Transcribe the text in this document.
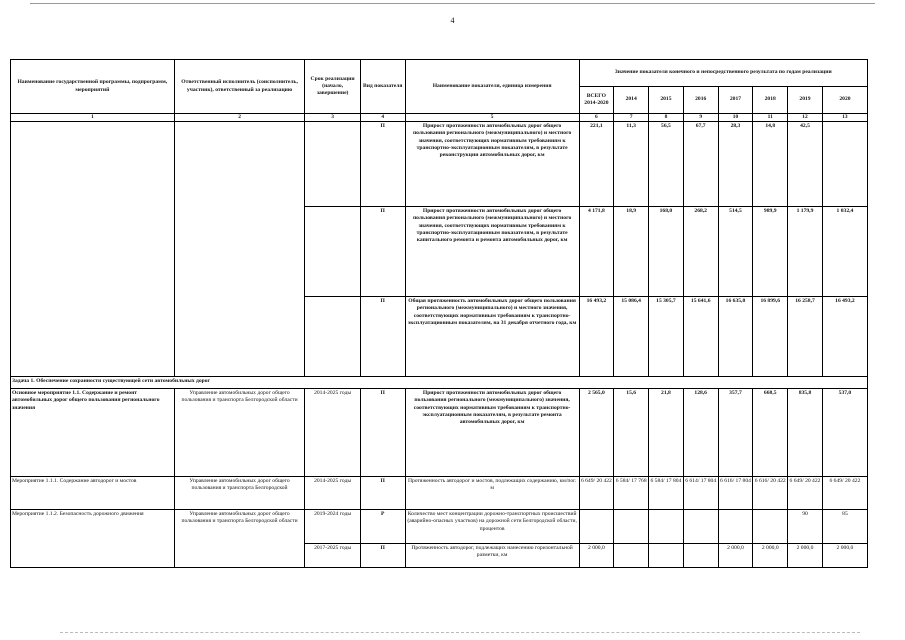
4
Наименование государственной программы, подпрограмм, мероприятий	Ответственный исполнитель (соисполнитель, участник), ответственный за реализацию	Срок реализации (начало, завершение)	Вид показателя	Наименование показателя, единица измерения	Значение показателя конечного и непосредственного результата по годам реализации							
					ВСЕГО 2014-2020	2014	2015	2016	2017	2018	2019	2020
1	2	3	4	5	6	7	8	9	10	11	12	13
			П	Прирост протяженности автомобильных дорог общего пользования регионального (межмуниципального) и местного значения, соответствующих нормативным требованиям к транспортно-эксплуатационным показателям, в результате реконструкции автомобильных дорог, км	221,1	11,3	56,5	67,7	28,3	14,8	42,5	
			П	Прирост протяженности автомобильных дорог общего пользования регионального (межмуниципального) и местного значения, соответствующих нормативным требованиям к транспортно-эксплуатационным показателям, в результате капитального ремонта и ремонта автомобильных дорог, км	4 171,8	18,9	168,0	268,2	514,5	989,9	1 179,9	1 032,4
			П	Общая протяженность автомобильных дорог общего пользования регионального (межмуниципального) и местного значения, соответствующих нормативным требованиям к транспортно-эксплуатационным показателям, на 31 декабря отчетного года, км	16 493,2	15 086,4	15 305,7	15 641,6	16 635,0	16 899,6	16 258,7	16 493,2
Задача 1. Обеспечение сохранности существующей сети автомобильных дорог												
Основное мероприятие 1.1. Содержание и ремонт автомобильных дорог общего пользования регионального значения	Управление автомобильных дорог общего пользования и транспорта Белгородской области	2014-2025 годы	П	Прирост протяженности автомобильных дорог общего пользования регионального (межмуниципального) значения, соответствующих нормативным требованиям к транспортно-эксплуатационным показателям, в результате ремонта автомобильных дорог, км	2 565,0	15,6	21,8	128,6	357,7	668,5	835,8	537,0
Мероприятие 1.1.1. Содержание автодорог и мостов	Управление автомобильных дорог общего пользования и транспорта Белгородской	2014-2025 годы	П	Протяженность автодорог и мостов, подлежащих содержанию, км/пог. м	6 649/ 20 422	6 584/ 17 768	6 584/ 17 804	6 614/ 17 804	6 616/ 17 804	6 616/ 20 422	6 649/ 20 422	6 649/ 20 422
Мероприятие 1.1.2. Безопасность дорожного движения	Управление автомобильных дорог общего пользования и транспорта Белгородской области	2019-2024 годы	Р	Количество мест концентрации дорожно-транспортных происшествий (аварийно-опасных участков) на дорожной сети Белгородской области, процентов							90	85
		2017-2025 годы	П	Протяженность автодорог, подлежащих нанесению горизонтальной разметки, км	2 000,0				2 000,0	2 000,0	2 000,0	2 000,0
